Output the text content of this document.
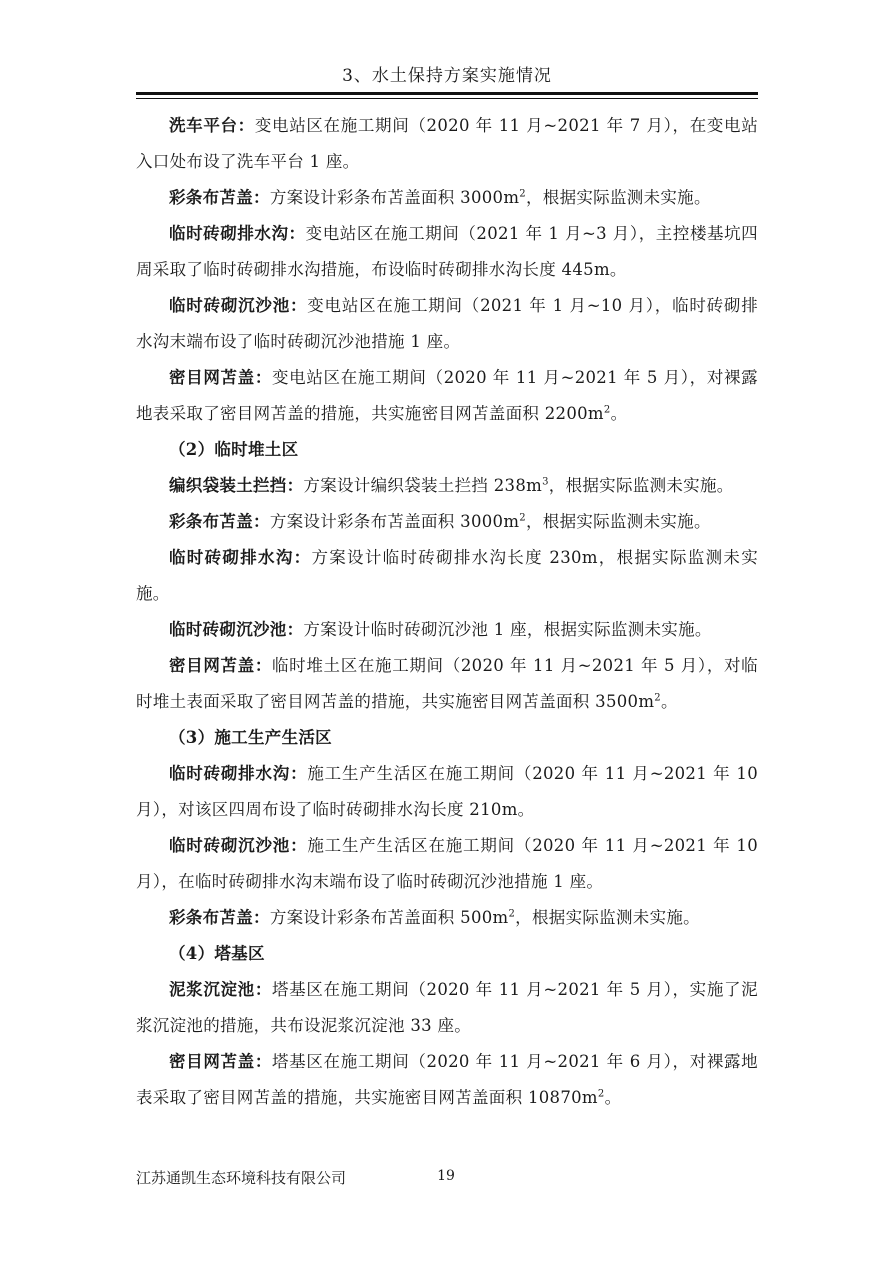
3、水土保持方案实施情况

洗车平台：变电站区在施工期间（2020 年 11 月~2021 年 7 月），在变电站入口处布设了洗车平台 1 座。

彩条布苫盖：方案设计彩条布苫盖面积 $3000m^2$，根据实际监测未实施。

临时砖砌排水沟：变电站区在施工期间（2021 年 1 月~3 月），主控楼基坑四周采取了临时砖砌排水沟措施，布设临时砖砌排水沟长度 445m。

临时砖砌沉沙池：变电站区在施工期间（2021 年 1 月~10 月），临时砖砌排水沟末端布设了临时砖砌沉沙池措施 1 座。

密目网苫盖：变电站区在施工期间（2020 年 11 月~2021 年 5 月），对裸露地表采取了密目网苫盖的措施，共实施密目网苫盖面积 $2200m^2$。

（2）临时堆土区

编织袋装土拦挡：方案设计编织袋装土拦挡 $238m^3$，根据实际监测未实施。

彩条布苫盖：方案设计彩条布苫盖面积 $3000m^2$，根据实际监测未实施。

临时砖砌排水沟：方案设计临时砖砌排水沟长度 230m，根据实际监测未实施。

临时砖砌沉沙池：方案设计临时砖砌沉沙池 1 座，根据实际监测未实施。

密目网苫盖：临时堆土区在施工期间（2020 年 11 月~2021 年 5 月），对临时堆土表面采取了密目网苫盖的措施，共实施密目网苫盖面积 $3500m^2$。

（3）施工生产生活区

临时砖砌排水沟：施工生产生活区在施工期间（2020 年 11 月~2021 年 10 月），对该区四周布设了临时砖砌排水沟长度 210m。

临时砖砌沉沙池：施工生产生活区在施工期间（2020 年 11 月~2021 年 10 月），在临时砖砌排水沟末端布设了临时砖砌沉沙池措施 1 座。

彩条布苫盖：方案设计彩条布苫盖面积 $500m^2$，根据实际监测未实施。

（4）塔基区

泥浆沉淀池：塔基区在施工期间（2020 年 11 月~2021 年 5 月），实施了泥浆沉淀池的措施，共布设泥浆沉淀池 33 座。

密目网苫盖：塔基区在施工期间（2020 年 11 月~2021 年 6 月），对裸露地表采取了密目网苫盖的措施，共实施密目网苫盖面积 $10870m^2$。

江苏通凯生态环境科技有限公司	19
